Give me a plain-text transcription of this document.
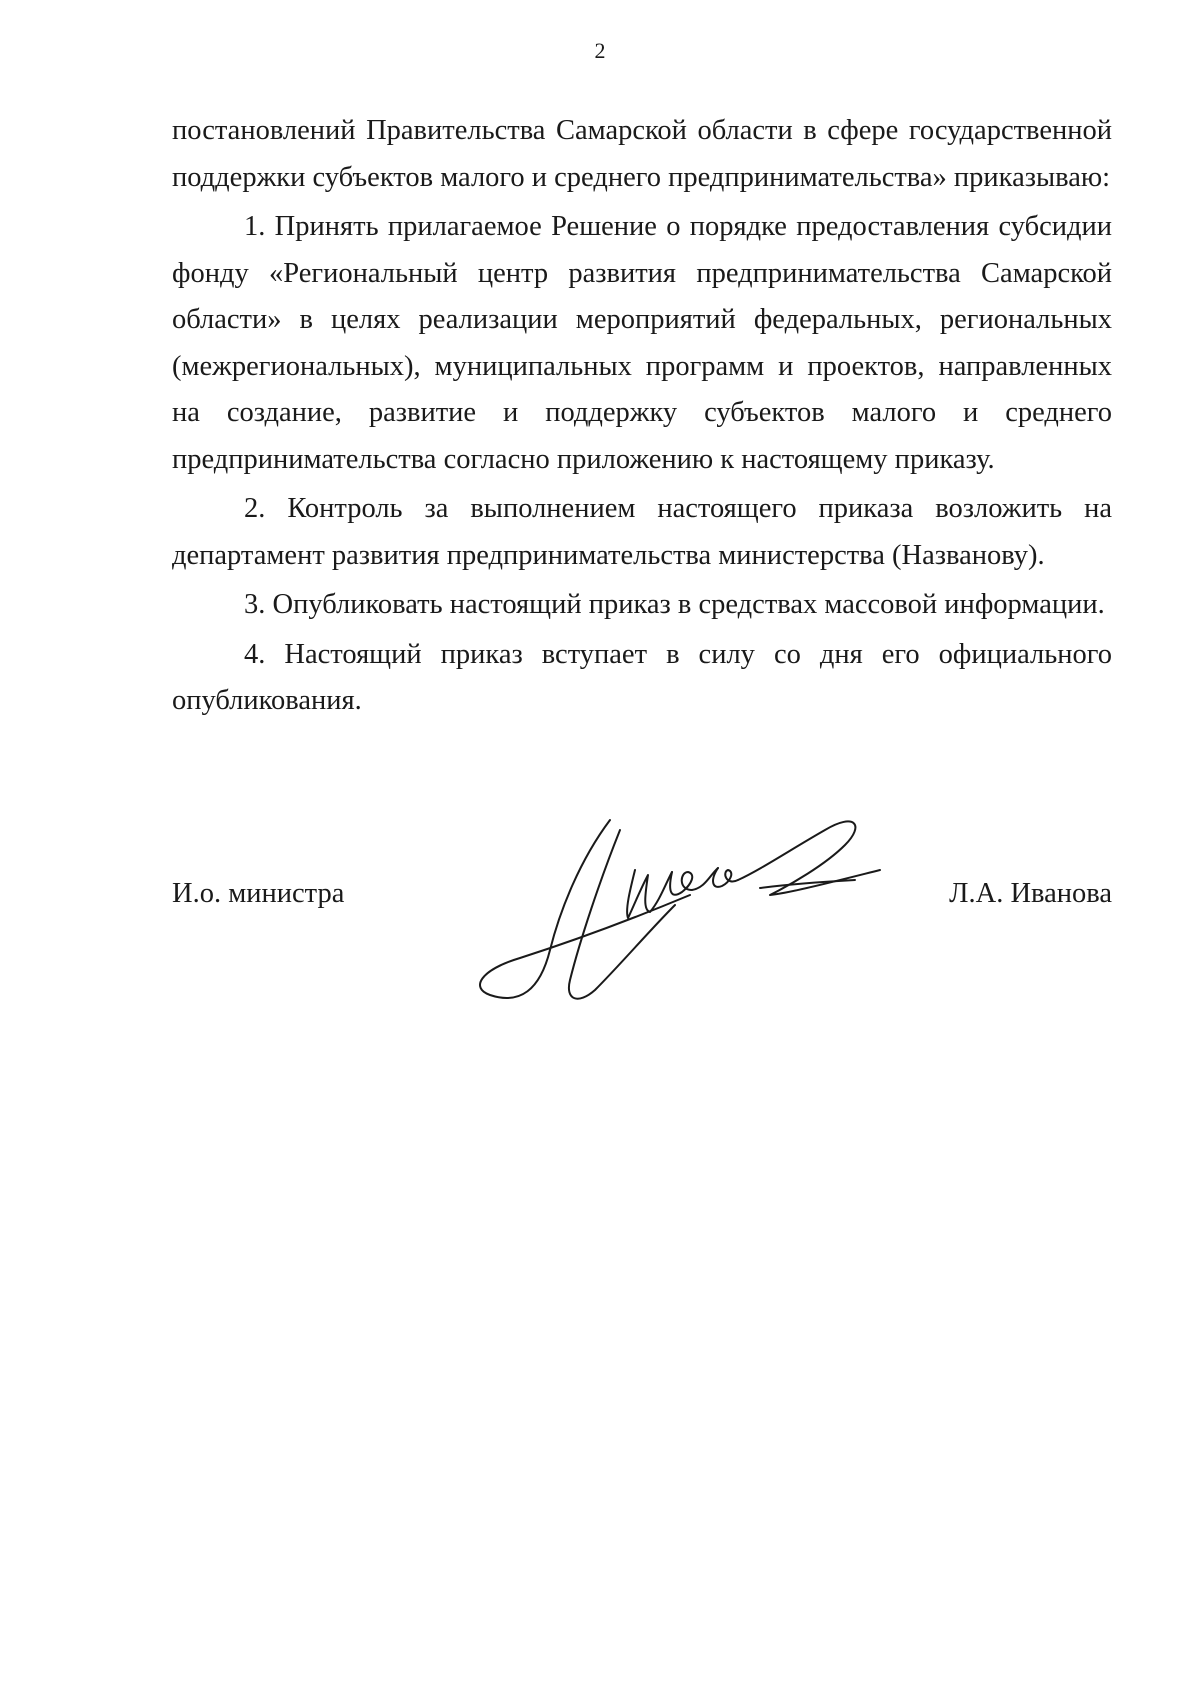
2

постановлений Правительства Самарской области в сфере государственной поддержки субъектов малого и среднего предпринимательства» приказываю:

1. Принять прилагаемое Решение о порядке предоставления субсидии фонду «Региональный центр развития предпринимательства Самарской области» в целях реализации мероприятий федеральных, региональных (межрегиональных), муниципальных программ и проектов, направленных на создание, развитие и поддержку субъектов малого и среднего предпринимательства согласно приложению к настоящему приказу.

2. Контроль за выполнением настоящего приказа возложить на департамент развития предпринимательства министерства (Названову).

3. Опубликовать настоящий приказ в средствах массовой информации.

4. Настоящий приказ вступает в силу со дня его официального опубликования.

И.о. министра	Л.А. Иванова
